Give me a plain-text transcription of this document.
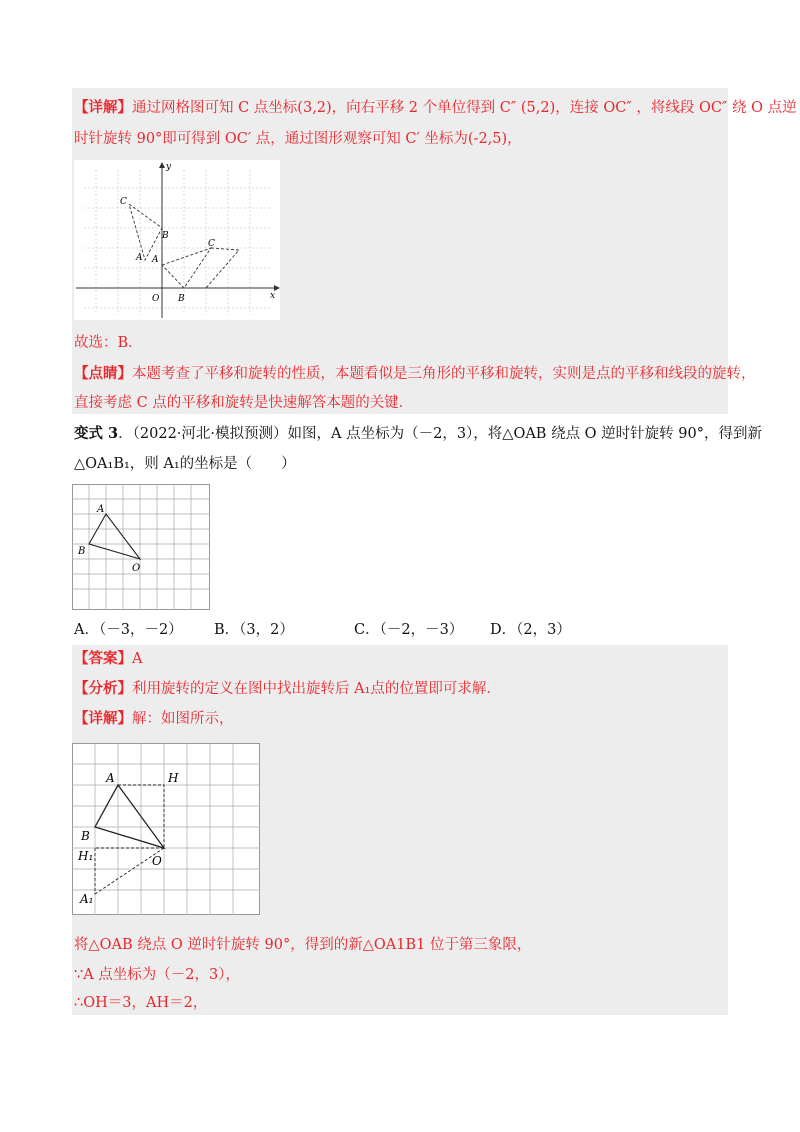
【详解】通过网格图可知 C 点坐标(3,2)，向右平移 2 个单位得到 C″ (5,2)，连接 OC″ ，将线段 OC″ 绕 O 点逆
时针旋转 90°即可得到 OC′ 点，通过图形观察可知 C′ 坐标为(-2,5)，
y
x
C
B
A A
C
O B
故选：B．
【点睛】本题考查了平移和旋转的性质，本题看似是三角形的平移和旋转，实则是点的平移和线段的旋转，
直接考虑 C 点的平移和旋转是快速解答本题的关键．
变式 3．（2022·河北·模拟预测）如图，A 点坐标为（－2，3），将△OAB 绕点 O 逆时针旋转 90°，得到新
△OA₁B₁，则 A₁的坐标是（　　）
A
B
O
A．（－3，－2） B．（3，2）	C．（－2，－3） D．（2，3）
【答案】A
【分析】利用旋转的定义在图中找出旋转后 A₁点的位置即可求解．
【详解】解：如图所示，
A	H
B
H₁	O
A₁
将△OAB 绕点 O 逆时针旋转 90°，得到的新△OA1B1 位于第三象限，
∵A 点坐标为（－2，3），
∴OH＝3，AH＝2，
